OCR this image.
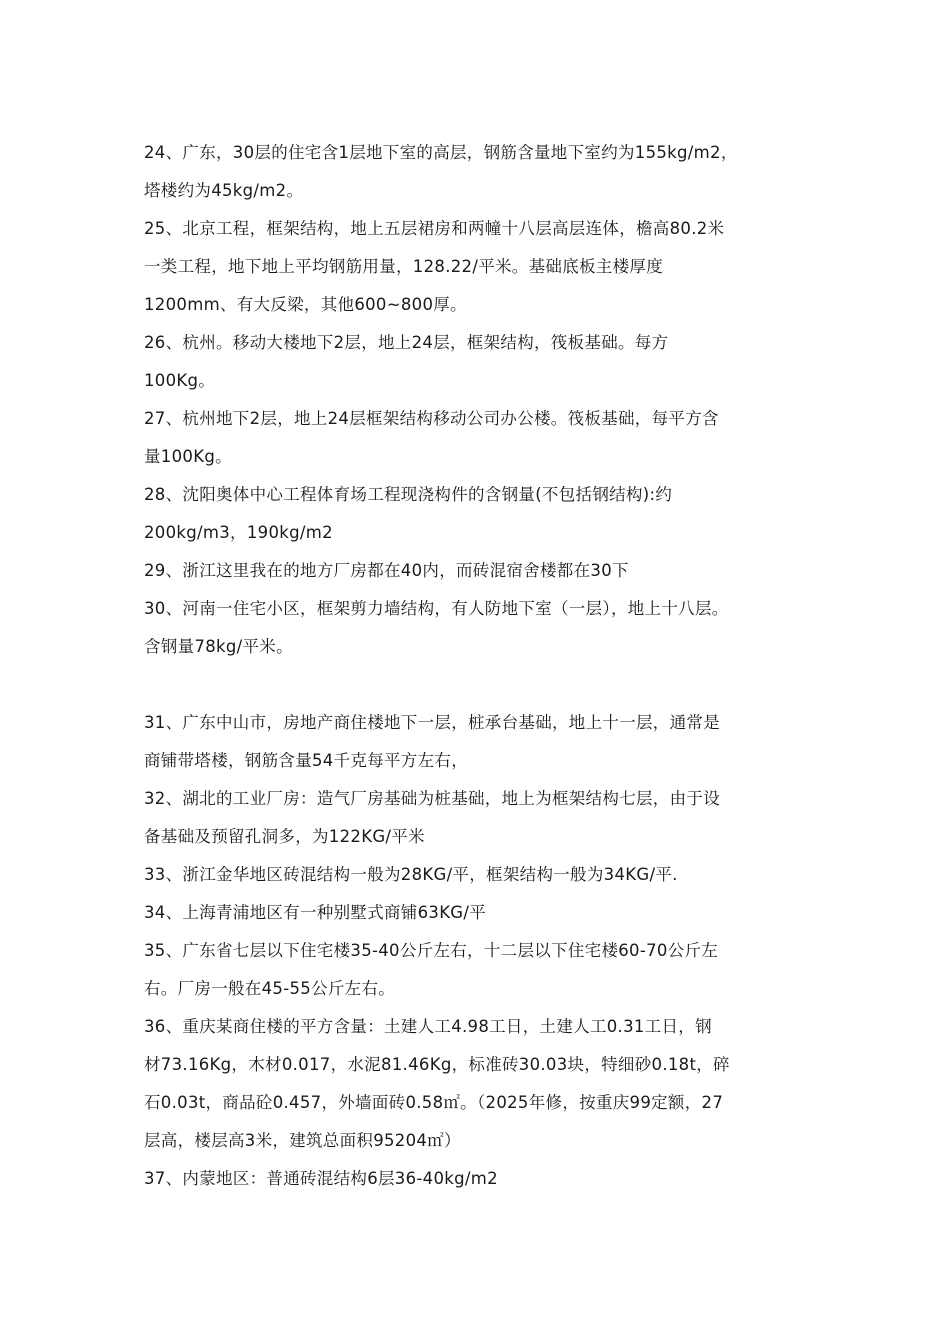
24、广东，30层的住宅含1层地下室的高层，钢筋含量地下室约为155kg/m2，
塔楼约为45kg/m2。
25、北京工程，框架结构，地上五层裙房和两幢十八层高层连体，檐高80.2米
一类工程，地下地上平均钢筋用量，128.22/平米。基础底板主楼厚度
1200mm、有大反梁，其他600~800厚。
26、杭州。移动大楼地下2层，地上24层，框架结构，筏板基础。每方
100Kg。
27、杭州地下2层，地上24层框架结构移动公司办公楼。筏板基础，每平方含
量100Kg。
28、沈阳奥体中心工程体育场工程现浇构件的含钢量(不包括钢结构):约
200kg/m3，190kg/m2
29、浙江这里我在的地方厂房都在40内，而砖混宿舍楼都在30下
30、河南一住宅小区，框架剪力墙结构，有人防地下室（一层），地上十八层。
含钢量78kg/平米。
31、广东中山市，房地产商住楼地下一层，桩承台基础，地上十一层，通常是
商铺带塔楼，钢筋含量54千克每平方左右，
32、湖北的工业厂房：造气厂房基础为桩基础，地上为框架结构七层，由于设
备基础及预留孔洞多，为122KG/平米
33、浙江金华地区砖混结构一般为28KG/平，框架结构一般为34KG/平.
34、上海青浦地区有一种别墅式商铺63KG/平
35、广东省七层以下住宅楼35-40公斤左右，十二层以下住宅楼60-70公斤左
右。厂房一般在45-55公斤左右。
36、重庆某商住楼的平方含量：土建人工4.98工日，土建人工0.31工日，钢
材73.16Kg，木材0.017，水泥81.46Kg，标准砖30.03块，特细砂0.18t，碎
石0.03t，商品砼0.457，外墙面砖0.58㎡。（2025年修，按重庆99定额，27
层高，楼层高3米，建筑总面积95204㎡）
37、内蒙地区：普通砖混结构6层36-40kg/m2
